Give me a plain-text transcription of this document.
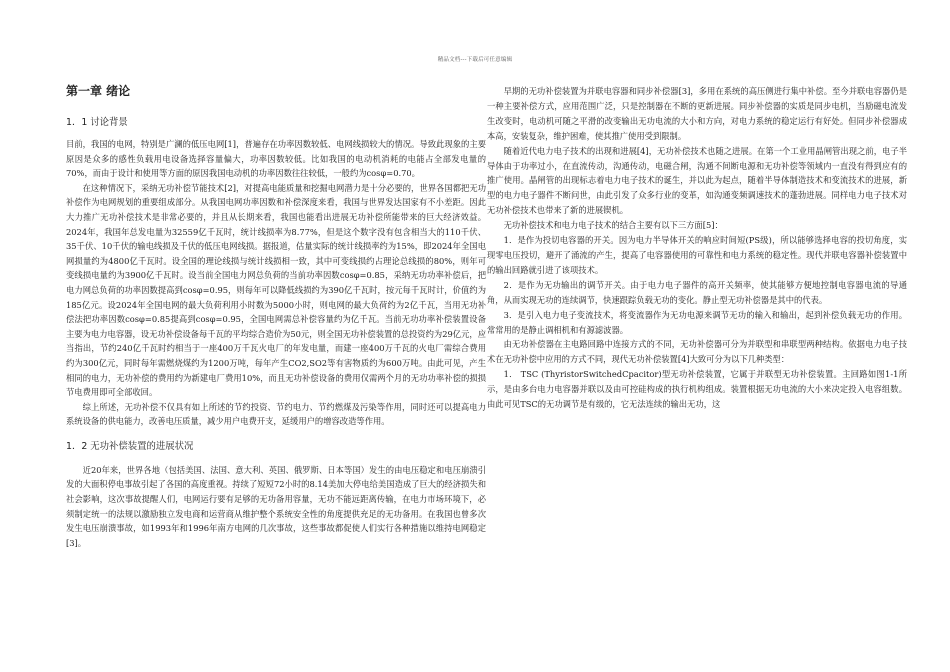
精品文档---下载后可任意编辑
第一章 绪论
1．1 讨论背景

目前，我国的电网，特别是广澜的低压电网[1]，普遍存在功率因数较低、电网线损较大的情况。导致此现象的主要原因是众多的感性负载用电设备选择容量偏大，功率因数较低。比如我国的电动机消耗的电能占全部发电量的70%，而由于设计和使用等方面的原因我国电动机的功率因数往往较低，一般约为cosφ=0.70。

在这种情况下，采纳无功补偿节能技术[2]，对提高电能质量和挖掘电网潜力是十分必要的，世界各国都把无功补偿作为电网规划的重要组成部分。从我国电网功率因数和补偿深度来看，我国与世界发达国家有不小差距。因此大力推广无功补偿技术是非常必要的，并且从长期来看，我国也能看出进展无功补偿所能带来的巨大经济效益。2024年，我国年总发电量为32559亿千瓦时，统计线损率为8.77%，但是这个数字没有包含相当大的110千伏、35千伏、10千伏的输电线损及千伏的低压电网线损。据报道，估量实际的统计线损率约为15%，即2024年全国电网损量约为4800亿千瓦时。设全国的理论线损与统计线损相一致，其中可变线损约占理论总线损的80%，则年可变线损电量约为3900亿千瓦时。设当前全国电力网总负荷的当前功率因数cosφ=0.85，采纳无功功率补偿后，把电力网总负荷的功率因数提高到cosφ=0.95，则每年可以降低线损约为390亿千瓦时，按元每千瓦时计，价值约为185亿元。设2024年全国电网的最大负荷利用小时数为5000小时，则电网的最大负荷约为2亿千瓦，当用无功补偿法把功率因数cosφ=0.85提高到cosφ=0.95，全国电网需总补偿容量约为亿千瓦。当前无功功率补偿装置设备主要为电力电容器，设无功补偿设备每千瓦的平均综合造价为50元，则全国无功补偿装置的总投资约为29亿元，应当指出，节约240亿千瓦时约相当于一座400万千瓦火电厂的年发电量，而建一座400万千瓦的火电厂需综合费用约为300亿元，同时每年需燃烧煤约为1200万吨，每年产生CO2,SO2等有害物质约为600万吨。由此可见，产生相同的电力，无功补偿的费用约为新建电厂费用10%，而且无功补偿设备的费用仅需两个月的无功功率补偿的损损节电费用即可全部收回。

综上所述，无功补偿不仅具有如上所述的节约投资、节约电力、节约燃煤及污染等作用，同时还可以提高电力系统设备的供电能力，改善电压质量，减少用户电费开支，延缓用户的增容改造等作用。

1．2 无功补偿装置的进展状况

近20年来，世界各地（包括美国、法国、意大利、英国、俄罗斯、日本等国）发生的由电压稳定和电压崩溃引发的大面积停电事故引起了各国的高度重视。持续了短短72小时的8.14美加大停电给美国造成了巨大的经济损失和社会影响，这次事故提醒人们，电网运行要有足够的无功备用容量，无功不能远距离传输，在电力市场环境下，必须制定统一的法规以激励独立发电商和运营商从维护整个系统安全性的角度提供充足的无功备用。在我国也曾多次发生电压崩溃事故，如1993年和1996年南方电网的几次事故，这些事故都促使人们实行各种措施以维持电网稳定[3]。

早期的无功补偿装置为并联电容器和同步补偿器[3]，多用在系统的高压侧进行集中补偿。至今并联电容器仍是一种主要补偿方式，应用范围广泛，只是控制器在不断的更新进展。同步补偿器的实质是同步电机，当励磁电流发生改变时，电动机可随之平滑的改变输出无功电流的大小和方向，对电力系统的稳定运行有好处。但同步补偿器成本高，安装复杂，维护困难，使其推广使用受到限制。

随着近代电力电子技术的出现和进展[4]，无功补偿技术也随之进展。在第一个工业用晶闸管出现之前，电子半导体由于功率过小，在直流传动，沟通传动，电磁合闸，沟通不间断电源和无功补偿等领域内一直没有得到应有的推广使用。晶闸管的出现标志着电力电子技术的诞生，并以此为起点，随着半导体制造技术和变流技术的进展，新型的电力电子器件不断问世，由此引发了众多行业的变革，如沟通变频调速技术的蓬勃进展。同样电力电子技术对无功补偿技术也带来了新的进展锲机。

无功补偿技术和电力电子技术的结合主要有以下三方面[5]：

1．是作为投切电容器的开关。因为电力半导体开关的响应时间短(PS级)，所以能够选择电容的投切角度，实现零电压投切，避开了涌流的产生，提高了电容器使用的可靠性和电力系统的稳定性。现代并联电容器补偿装置中的输出回路就引进了该项技术。

2．是作为无功输出的调节开关。由于电力电子器件的高开关频率，使其能够方便地控制电容器电流的导通角，从而实现无功的连续调节，快速跟踪负载无功的变化。静止型无功补偿器是其中的代表。

3．是引入电力电子变流技术，将变流器作为无功电源来调节无功的输入和输出，起到补偿负载无功的作用。常常用的是静止调相机和有源滤波器。

由无功补偿器在主电路回路中连接方式的不同，无功补偿器可分为并联型和串联型两种结构。依据电力电子技术在无功补偿中应用的方式不同，现代无功补偿装置[4]大致可分为以下几种类型：

1． TSC (ThyristorSwitchedCpacitor)型无功补偿装置，它属于并联型无功补偿装置。主回路如图1-1所示，是由多台电力电容器并联以及由可控硅构成的执行机构组成。装置根据无功电流的大小来决定投入电容组数。由此可见TSC的无功调节是有级的，它无法连续的输出无功，这
